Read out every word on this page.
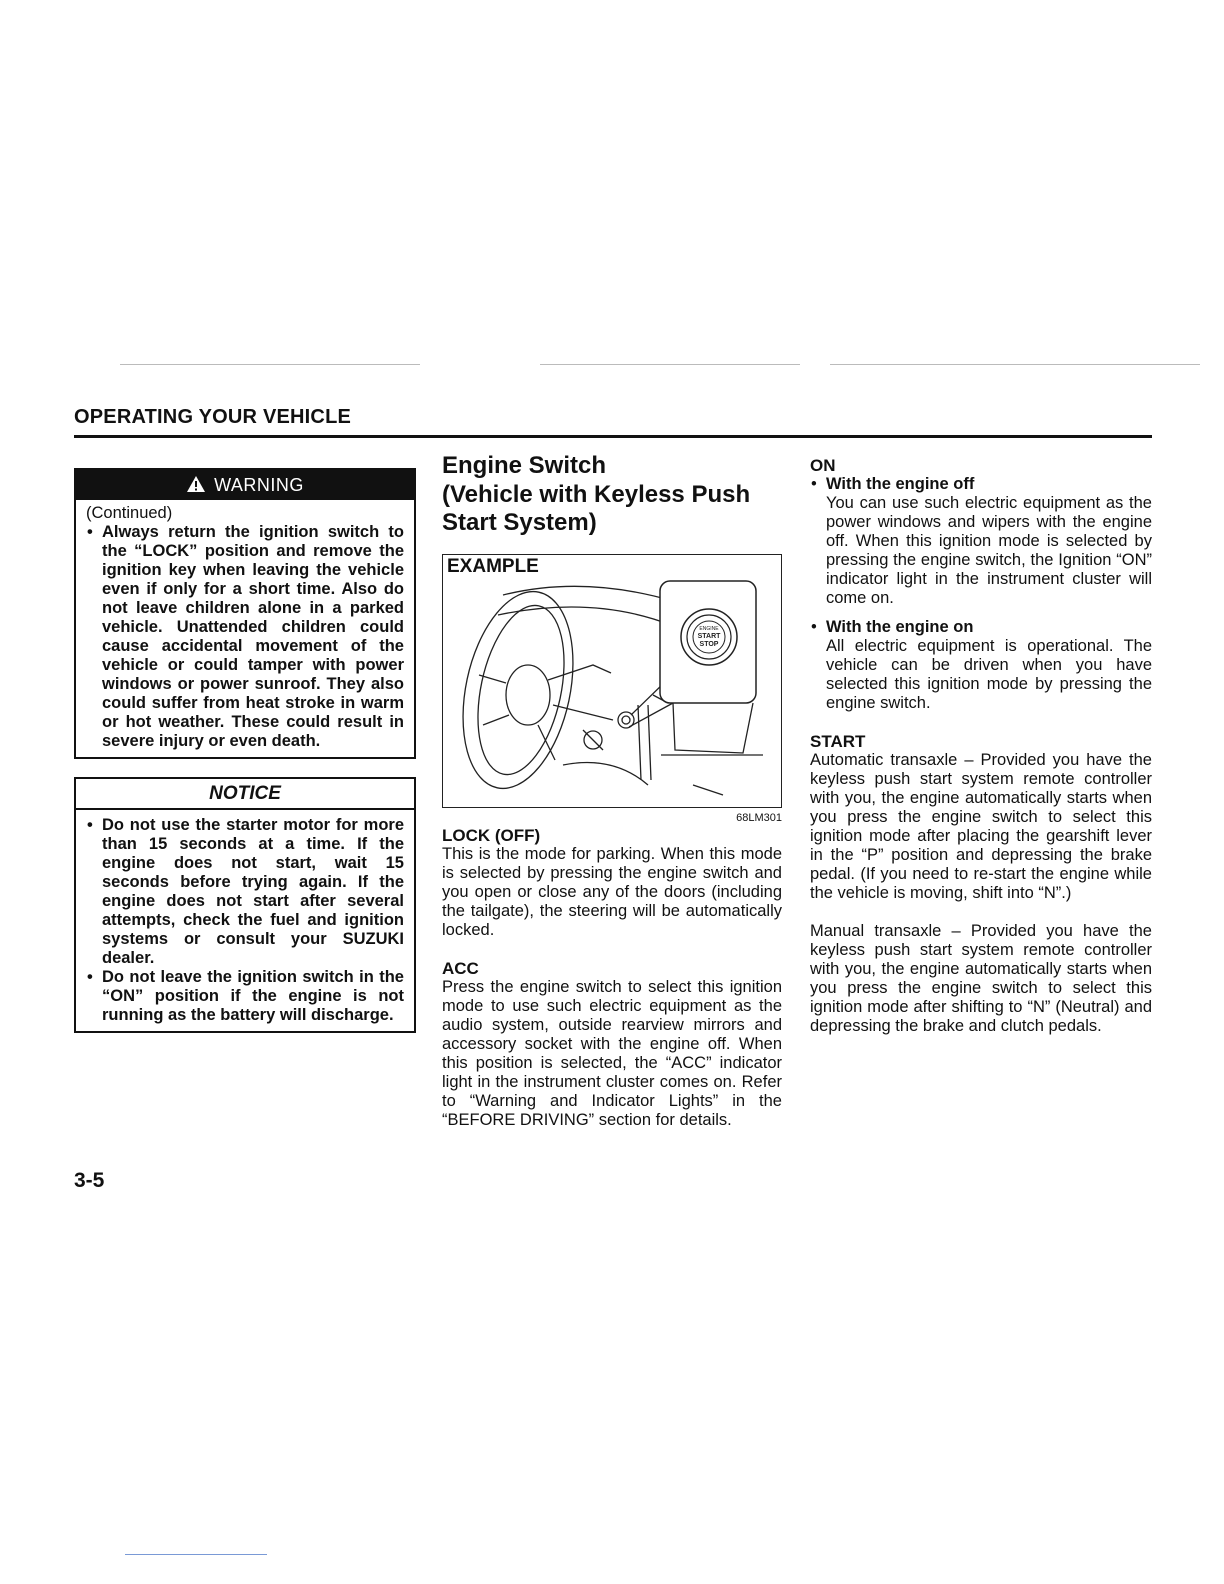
OPERATING YOUR VEHICLE
WARNING
(Continued)
• Always return the ignition switch to the “LOCK” position and remove the ignition key when leaving the vehicle even if only for a short time. Also do not leave children alone in a parked vehicle. Unattended children could cause accidental movement of the vehicle or could tamper with power windows or power sunroof. They also could suffer from heat stroke in warm or hot weather. These could result in severe injury or even death.
NOTICE
• Do not use the starter motor for more than 15 seconds at a time. If the engine does not start, wait 15 seconds before trying again. If the engine does not start after several attempts, check the fuel and ignition systems or consult your SUZUKI dealer.
• Do not leave the ignition switch in the “ON” position if the engine is not running as the battery will discharge.
Engine Switch
(Vehicle with Keyless Push
Start System)
EXAMPLE
ENGINE
START
STOP
68LM301
LOCK (OFF)

This is the mode for parking. When this mode is selected by pressing the engine switch and you open or close any of the doors (including the tailgate), the steering will be automatically locked.

ACC

Press the engine switch to select this ignition mode to use such electric equipment as the audio system, outside rearview mirrors and accessory socket with the engine off. When this position is selected, the “ACC” indicator light in the instrument cluster comes on. Refer to “Warning and Indicator Lights” in the “BEFORE DRIVING” section for details.

ON
• With the engine off

You can use such electric equipment as the power windows and wipers with the engine off. When this ignition mode is selected by pressing the engine switch, the Ignition “ON” indicator light in the instrument cluster will come on.

• With the engine on

All electric equipment is operational. The vehicle can be driven when you have selected this ignition mode by pressing the engine switch.

START

Automatic transaxle – Provided you have the keyless push start system remote controller with you, the engine automatically starts when you press the engine switch to select this ignition mode after placing the gearshift lever in the “P” position and depressing the brake pedal. (If you need to re-start the engine while the vehicle is moving, shift into “N”.)

Manual transaxle – Provided you have the keyless push start system remote controller with you, the engine automatically starts when you press the engine switch to select this ignition mode after shifting to “N” (Neutral) and depressing the brake and clutch pedals.

3-5
